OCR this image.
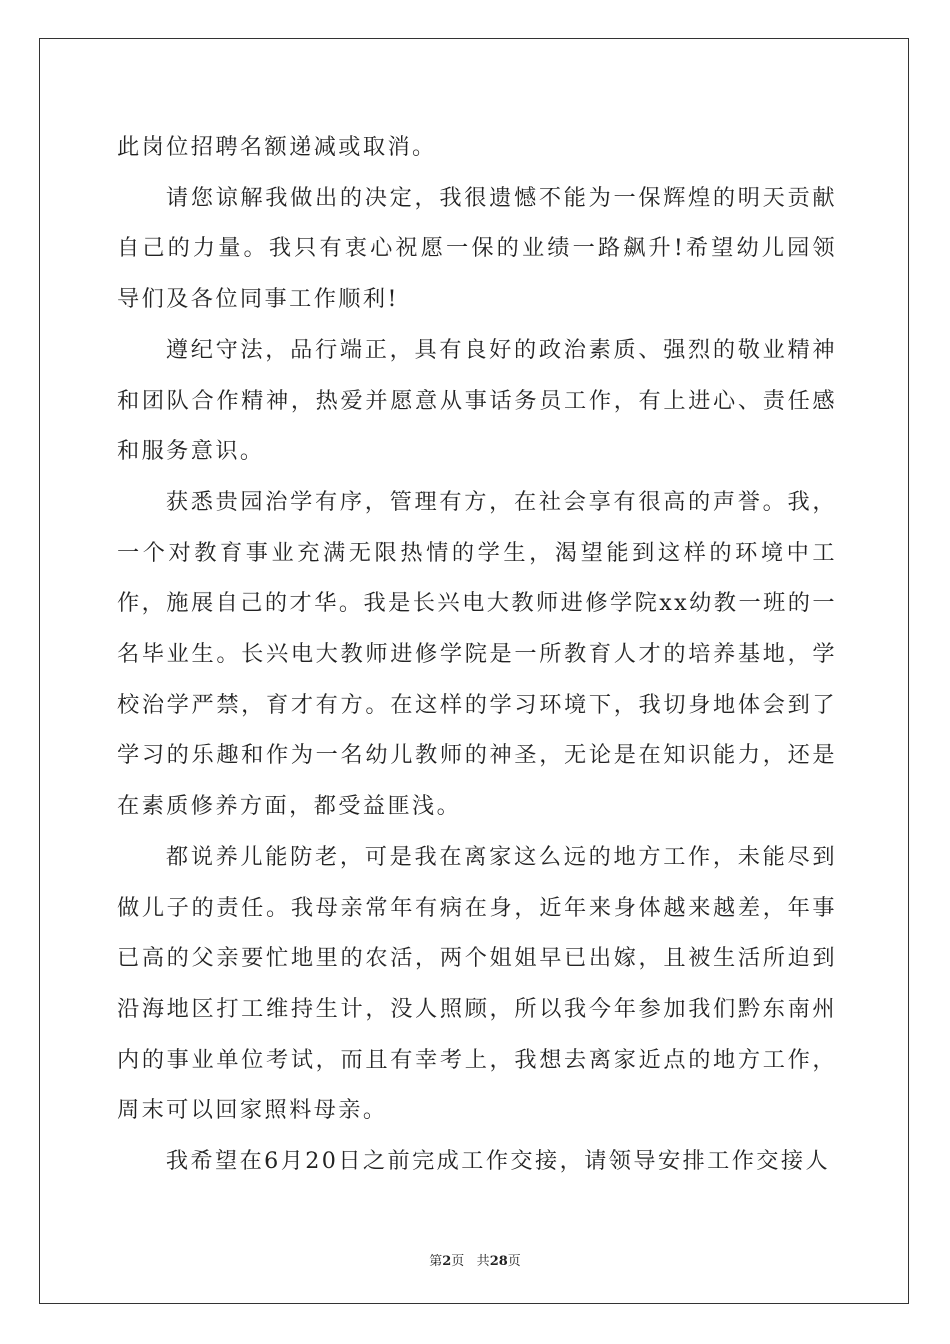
此岗位招聘名额递减或取消。

请您谅解我做出的决定，我很遗憾不能为一保辉煌的明天贡献自己的力量。我只有衷心祝愿一保的业绩一路飙升!希望幼儿园领导们及各位同事工作顺利!

遵纪守法，品行端正，具有良好的政治素质、强烈的敬业精神和团队合作精神，热爱并愿意从事话务员工作，有上进心、责任感和服务意识。

获悉贵园治学有序，管理有方，在社会享有很高的声誉。我，一个对教育事业充满无限热情的学生，渴望能到这样的环境中工作，施展自己的才华。我是长兴电大教师进修学院xx幼教一班的一名毕业生。长兴电大教师进修学院是一所教育人才的培养基地，学校治学严禁，育才有方。在这样的学习环境下，我切身地体会到了学习的乐趣和作为一名幼儿教师的神圣，无论是在知识能力，还是在素质修养方面，都受益匪浅。

都说养儿能防老，可是我在离家这么远的地方工作，未能尽到做儿子的责任。我母亲常年有病在身，近年来身体越来越差，年事已高的父亲要忙地里的农活，两个姐姐早已出嫁，且被生活所迫到沿海地区打工维持生计，没人照顾，所以我今年参加我们黔东南州内的事业单位考试，而且有幸考上，我想去离家近点的地方工作，周末可以回家照料母亲。

我希望在6月20日之前完成工作交接，请领导安排工作交接人

第2页 共28页
